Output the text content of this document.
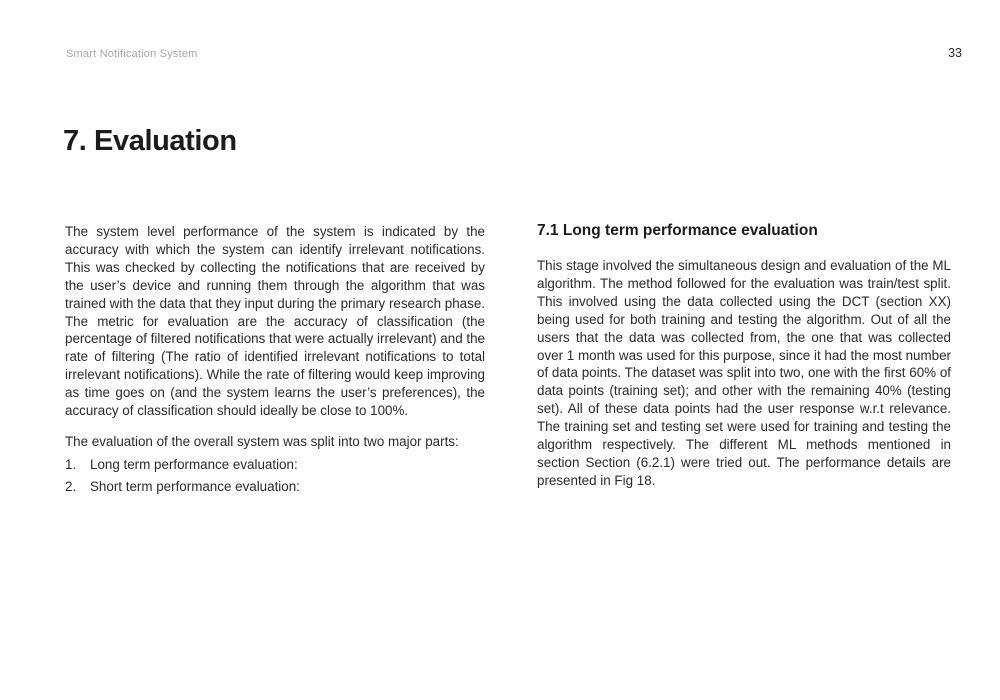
Smart Notification System	33
7. Evaluation

The system level performance of the system is indicated by the accuracy with which the system can identify irrelevant notifications. This was checked by collecting the notifications that are received by the user’s device and running them through the algorithm that was trained with the data that they input during the primary research phase. The metric for evaluation are the accuracy of classification (the percentage of filtered notifications that were actually irrelevant) and the rate of filtering (The ratio of identified irrelevant notifications to total irrelevant notifications). While the rate of filtering would keep improving as time goes on (and the system learns the user’s preferences), the accuracy of classification should ideally be close to 100%.

The evaluation of the overall system was split into two major parts:

1.	Long term performance evaluation:
2.	Short term performance evaluation:
7.1 Long term performance evaluation

This stage involved the simultaneous design and evaluation of the ML algorithm. The method followed for the evaluation was train/test split. This involved using the data collected using the DCT (section XX) being used for both training and testing the algorithm. Out of all the users that the data was collected from, the one that was collected over 1 month was used for this purpose, since it had the most number of data points. The dataset was split into two, one with the first 60% of data points (training set); and other with the remaining 40% (testing set). All of these data points had the user response w.r.t relevance. The training set and testing set were used for training and testing the algorithm respectively. The different ML methods mentioned in section Section (6.2.1) were tried out. The performance details are presented in Fig 18.
